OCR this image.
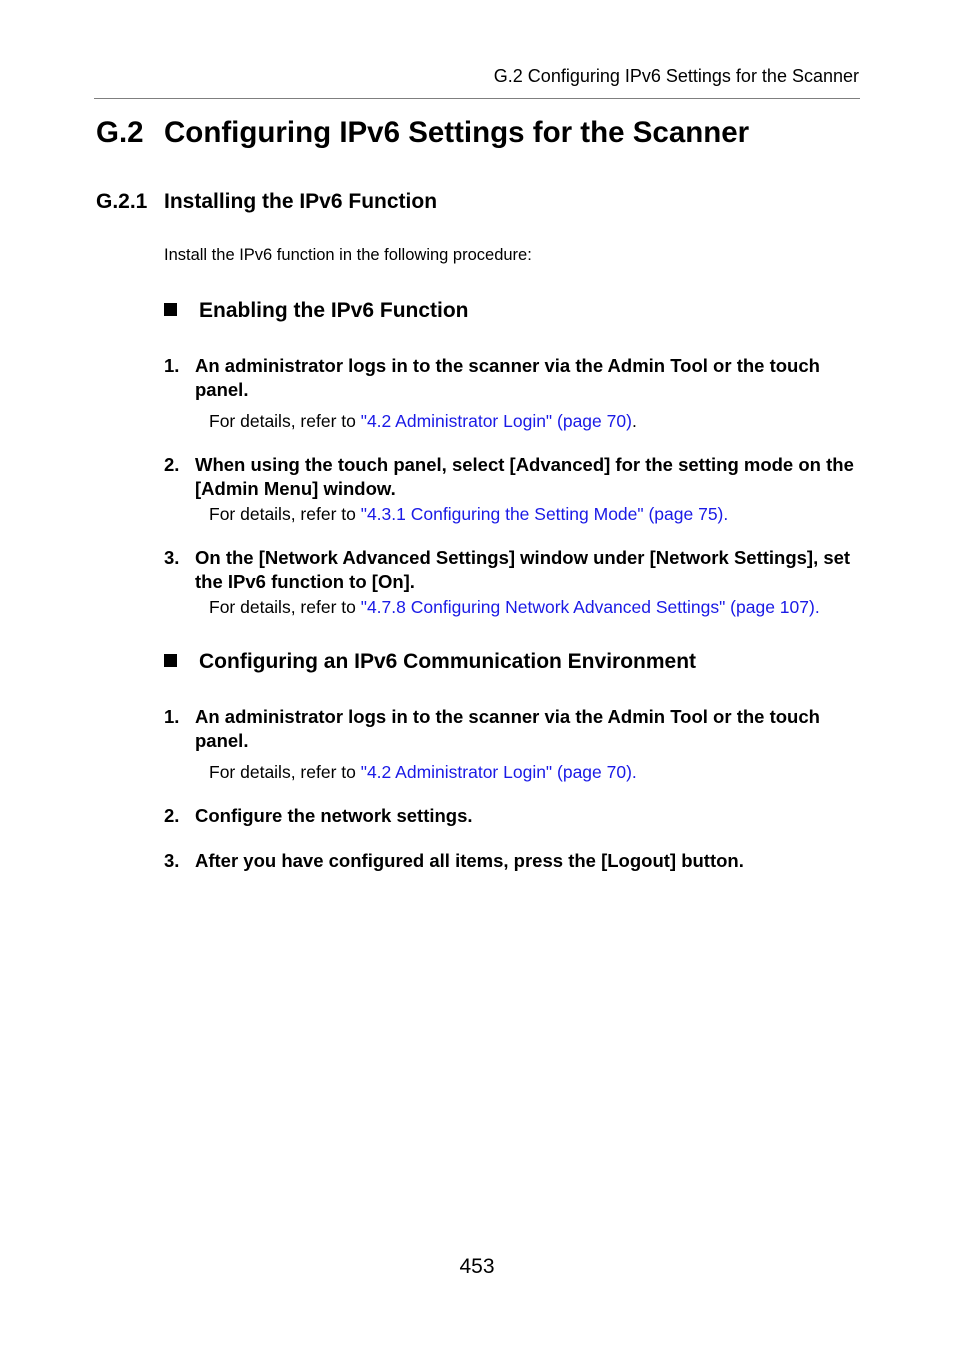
G.2 Configuring IPv6 Settings for the Scanner
G.2 Configuring IPv6 Settings for the Scanner
G.2.1 Installing the IPv6 Function
Install the IPv6 function in the following procedure:
Enabling the IPv6 Function
1. An administrator logs in to the scanner via the Admin Tool or the touch panel.
For details, refer to "4.2 Administrator Login" (page 70).
2. When using the touch panel, select [Advanced] for the setting mode on the [Admin Menu] window.
For details, refer to "4.3.1 Configuring the Setting Mode" (page 75).
3. On the [Network Advanced Settings] window under [Network Settings], set the IPv6 function to [On].
For details, refer to "4.7.8 Configuring Network Advanced Settings" (page 107).
Configuring an IPv6 Communication Environment
1. An administrator logs in to the scanner via the Admin Tool or the touch panel.
For details, refer to "4.2 Administrator Login" (page 70).
2. Configure the network settings.
3. After you have configured all items, press the [Logout] button.
453
